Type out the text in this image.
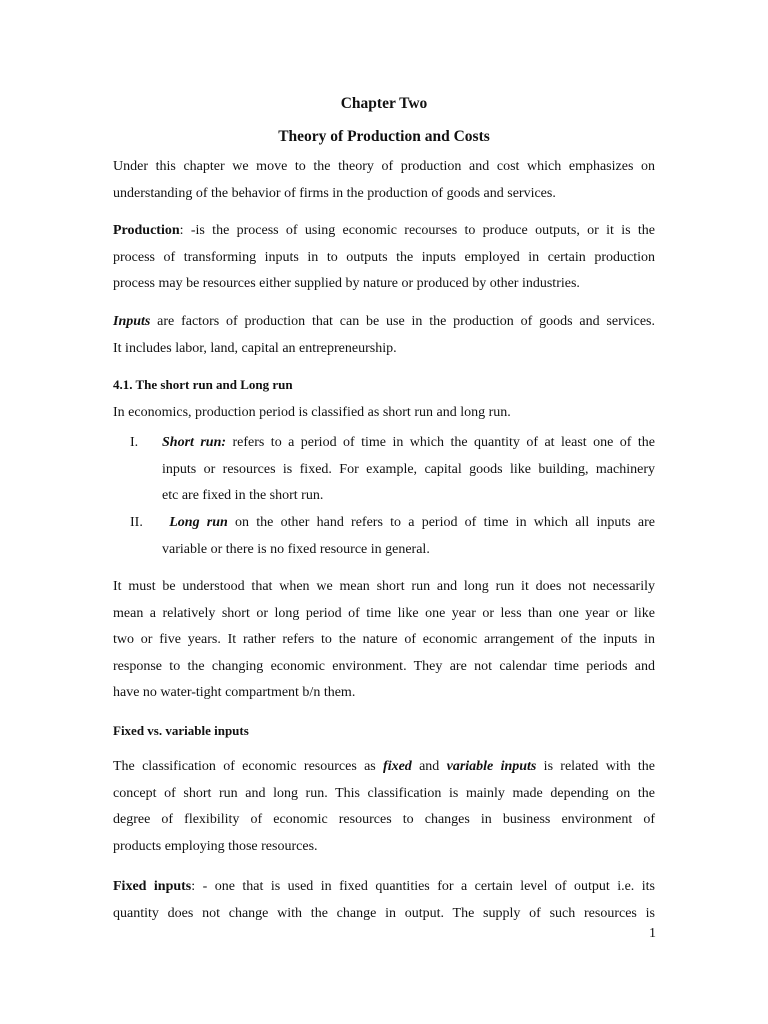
Chapter Two
Theory of Production and Costs
Under this chapter we move to the theory of production and cost which emphasizes on
understanding of the behavior of firms in the production of goods and services.
Production: -is the process of using economic recourses to produce outputs, or it is the
process of transforming inputs in to outputs the inputs employed in certain production
process may be resources either supplied by nature or produced by other industries.
Inputs are factors of production that can be use in the production of goods and services.
It includes labor, land, capital an entrepreneurship.
4.1. The short run and Long run
In economics, production period is classified as short run and long run.
I. Short run: refers to a period of time in which the quantity of at least one of the
inputs or resources is fixed. For example, capital goods like building, machinery
etc are fixed in the short run.
II.	Long run on the other hand refers to a period of time in which all inputs are
variable or there is no fixed resource in general.
It must be understood that when we mean short run and long run it does not necessarily
mean a relatively short or long period of time like one year or less than one year or like
two or five years. It rather refers to the nature of economic arrangement of the inputs in
response to the changing economic environment. They are not calendar time periods and
have no water-tight compartment b/n them.
Fixed vs. variable inputs
The classification of economic resources as fixed and variable inputs is related with the
concept of short run and long run. This classification is mainly made depending on the
degree of flexibility of economic resources to changes in business environment of
products employing those resources.
Fixed inputs: - one that is used in fixed quantities for a certain level of output i.e. its
quantity does not change with the change in output. The supply of such resources is
1
